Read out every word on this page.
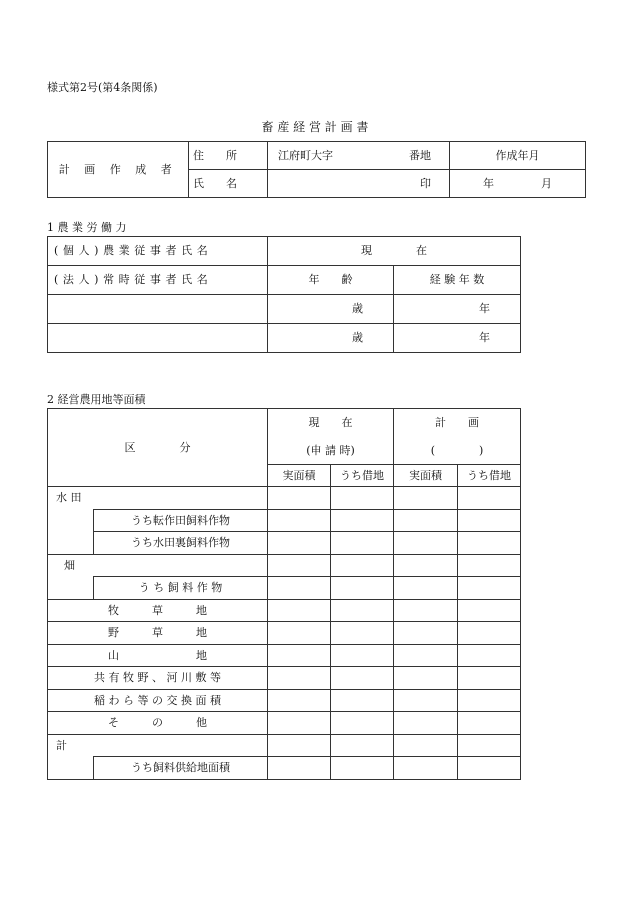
様式第2号(第4条関係)
畜 産 経 営 計 画 書
計 画 作 成 者	住　　所	江府町大字 番地	作成年月
	氏　　名	印	年 月
1 農 業 労 働 力
(個人)農業従事者氏名	現　　　　在	
(法人)常時従事者氏名	年　　齢	経 験 年 数
	歳	年
	歳	年
2 経営農用地等面積
区　　　　分		現　　在		計　　画	
		(申 請 時)		(　　　　)	
		実面積	うち借地	実面積	うち借地
水 田					
	うち転作田飼料作物				
	うち水田裏飼料作物				
畑					
	う ち 飼 料 作 物				
牧　　　草　　　地					
野　　　草　　　地					
山　　　　　　　地					
共 有 牧 野 、 河 川 敷 等					
稲 わ ら 等 の 交 換 面 積					
そ　　　の　　　他					
計					
	うち飼料供給地面積				
